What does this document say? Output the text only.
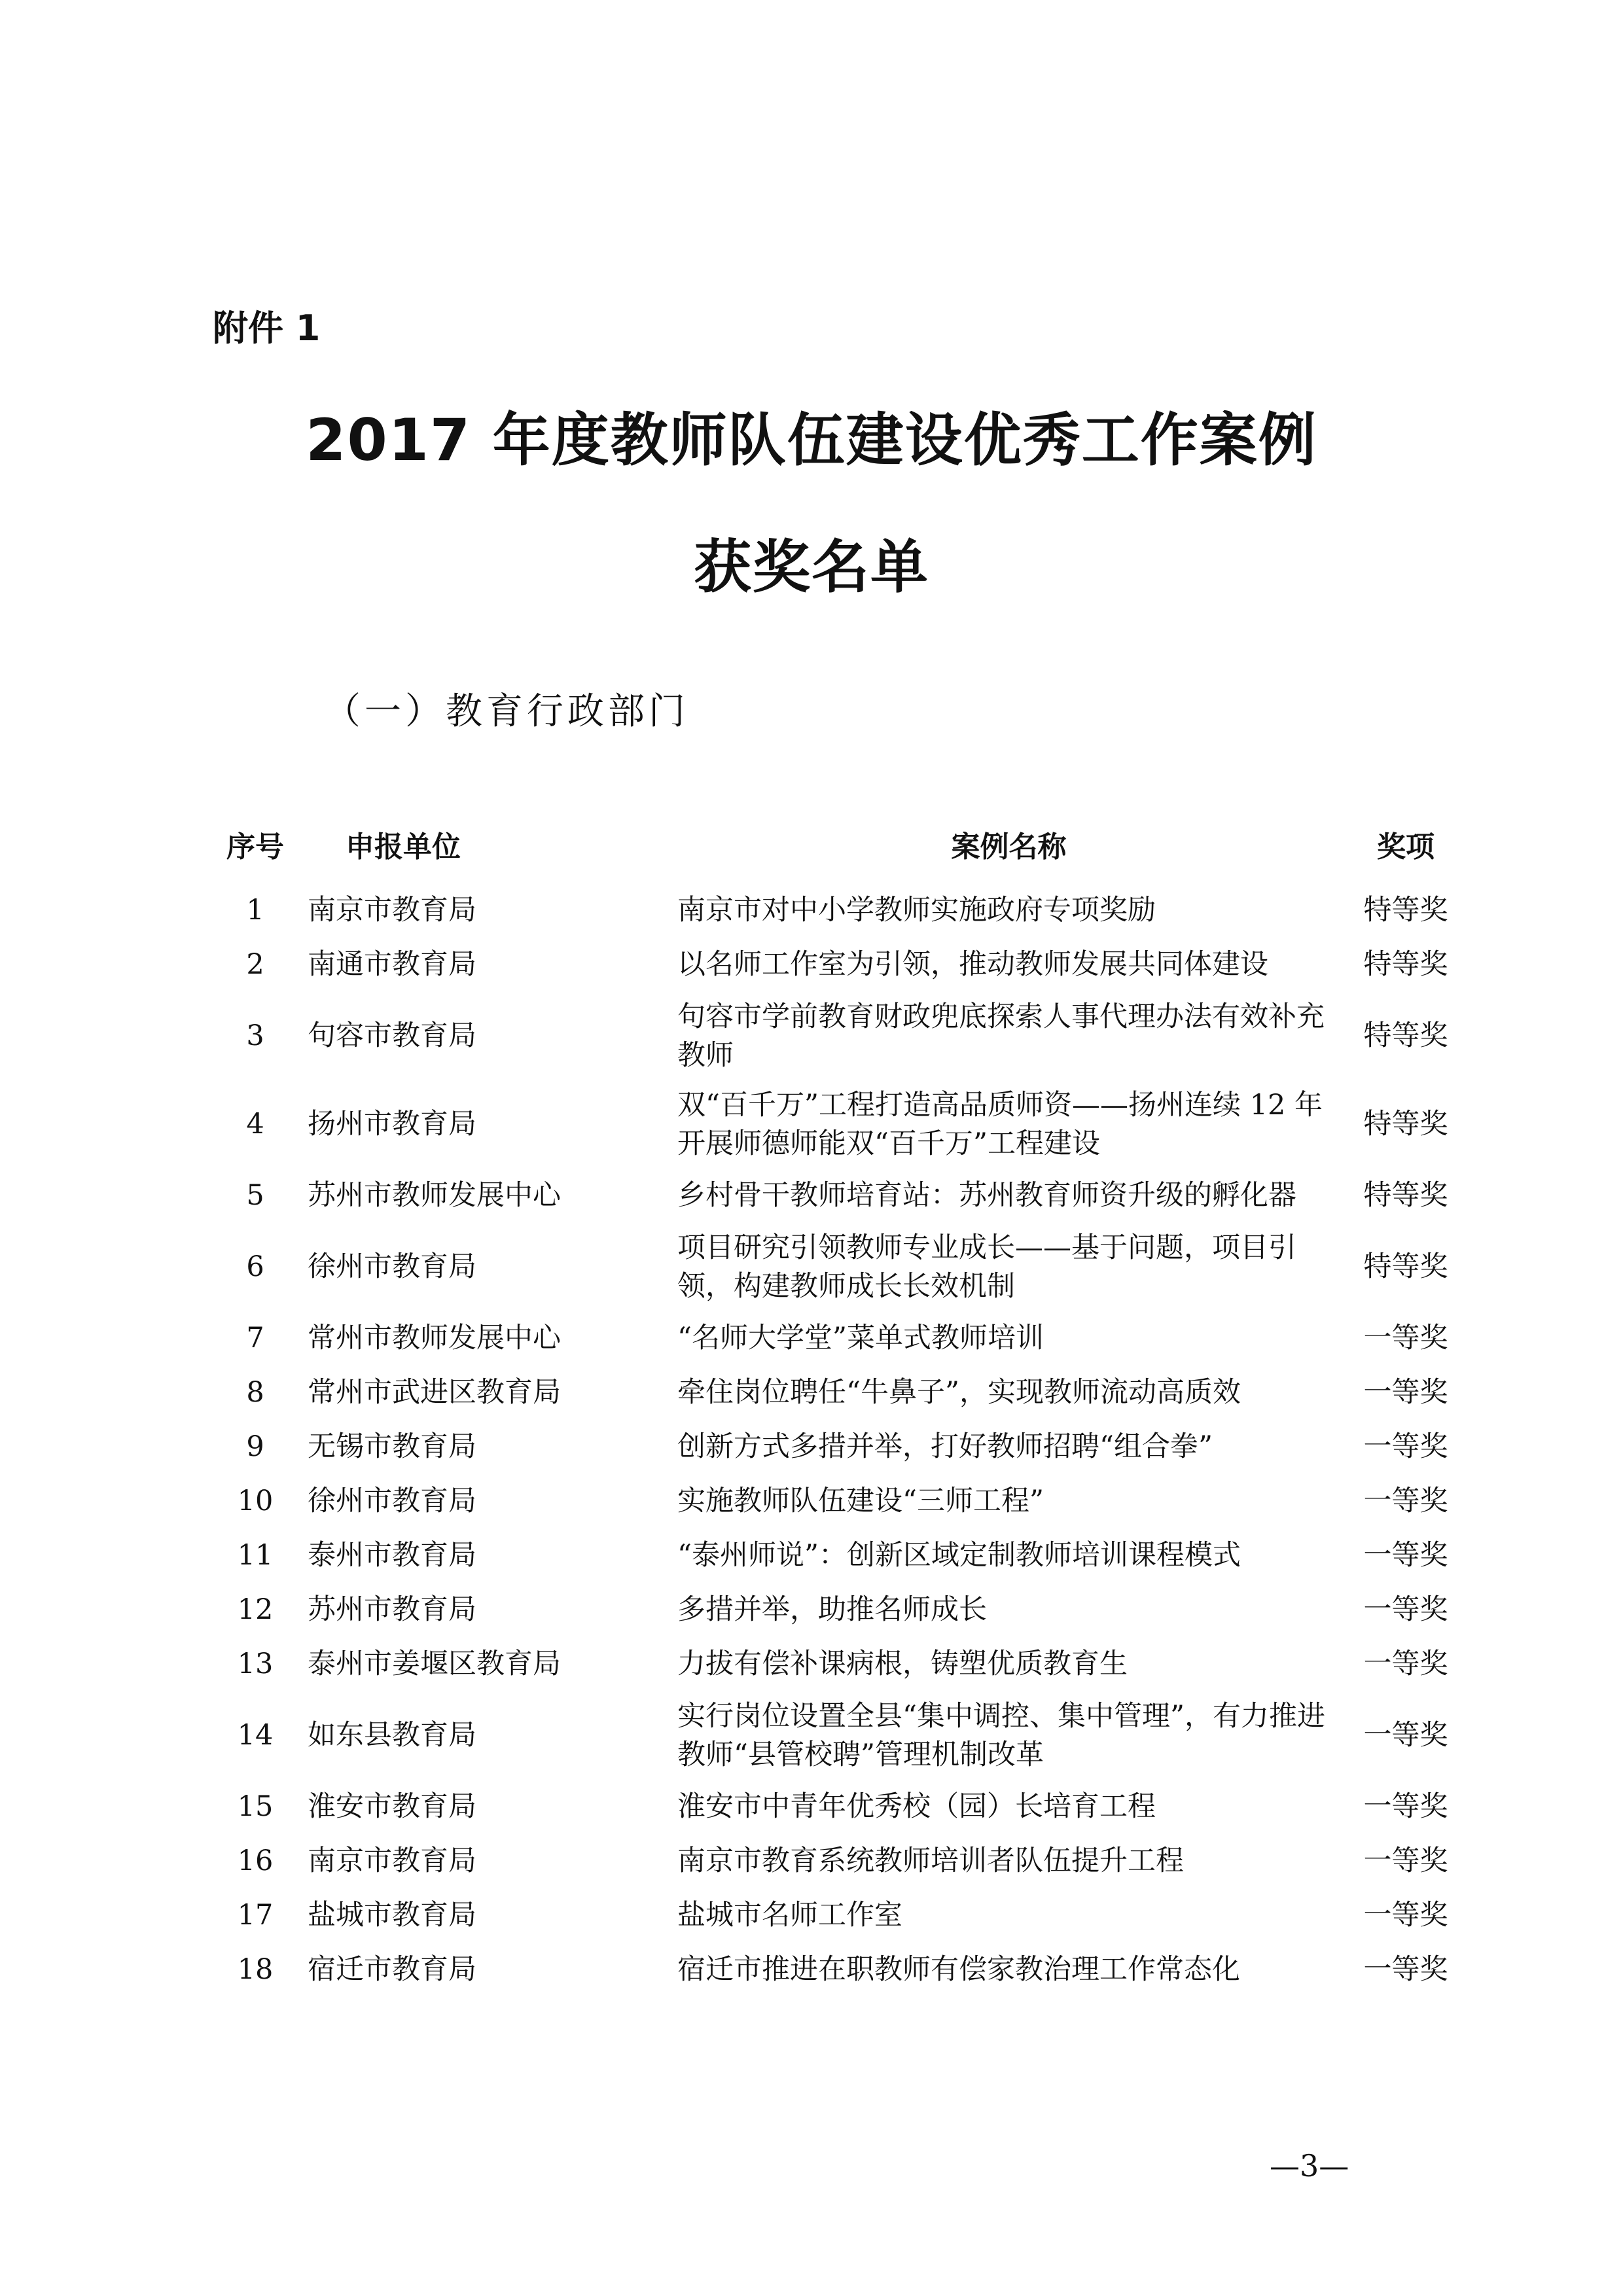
附件 1
2017 年度教师队伍建设优秀工作案例
获奖名单
（一）教育行政部门
序号	申报单位	案例名称	奖项
1	南京市教育局	南京市对中小学教师实施政府专项奖励	特等奖
2	南通市教育局	以名师工作室为引领，推动教师发展共同体建设	特等奖
3	句容市教育局	句容市学前教育财政兜底探索人事代理办法有效补充教师	特等奖
4	扬州市教育局	双“百千万”工程打造高品质师资——扬州连续 12 年开展师德师能双“百千万”工程建设	特等奖
5	苏州市教师发展中心	乡村骨干教师培育站：苏州教育师资升级的孵化器	特等奖
6	徐州市教育局	项目研究引领教师专业成长——基于问题，项目引领，构建教师成长长效机制	特等奖
7	常州市教师发展中心	“名师大学堂”菜单式教师培训	一等奖
8	常州市武进区教育局	牵住岗位聘任“牛鼻子”，实现教师流动高质效	一等奖
9	无锡市教育局	创新方式多措并举，打好教师招聘“组合拳”	一等奖
10	徐州市教育局	实施教师队伍建设“三师工程”	一等奖
11	泰州市教育局	“泰州师说”：创新区域定制教师培训课程模式	一等奖
12	苏州市教育局	多措并举，助推名师成长	一等奖
13	泰州市姜堰区教育局	力拔有偿补课病根，铸塑优质教育生	一等奖
14	如东县教育局	实行岗位设置全县“集中调控、集中管理”，有力推进教师“县管校聘”管理机制改革	一等奖
15	淮安市教育局	淮安市中青年优秀校（园）长培育工程	一等奖
16	南京市教育局	南京市教育系统教师培训者队伍提升工程	一等奖
17	盐城市教育局	盐城市名师工作室	一等奖
18	宿迁市教育局	宿迁市推进在职教师有偿家教治理工作常态化	一等奖
—3—
